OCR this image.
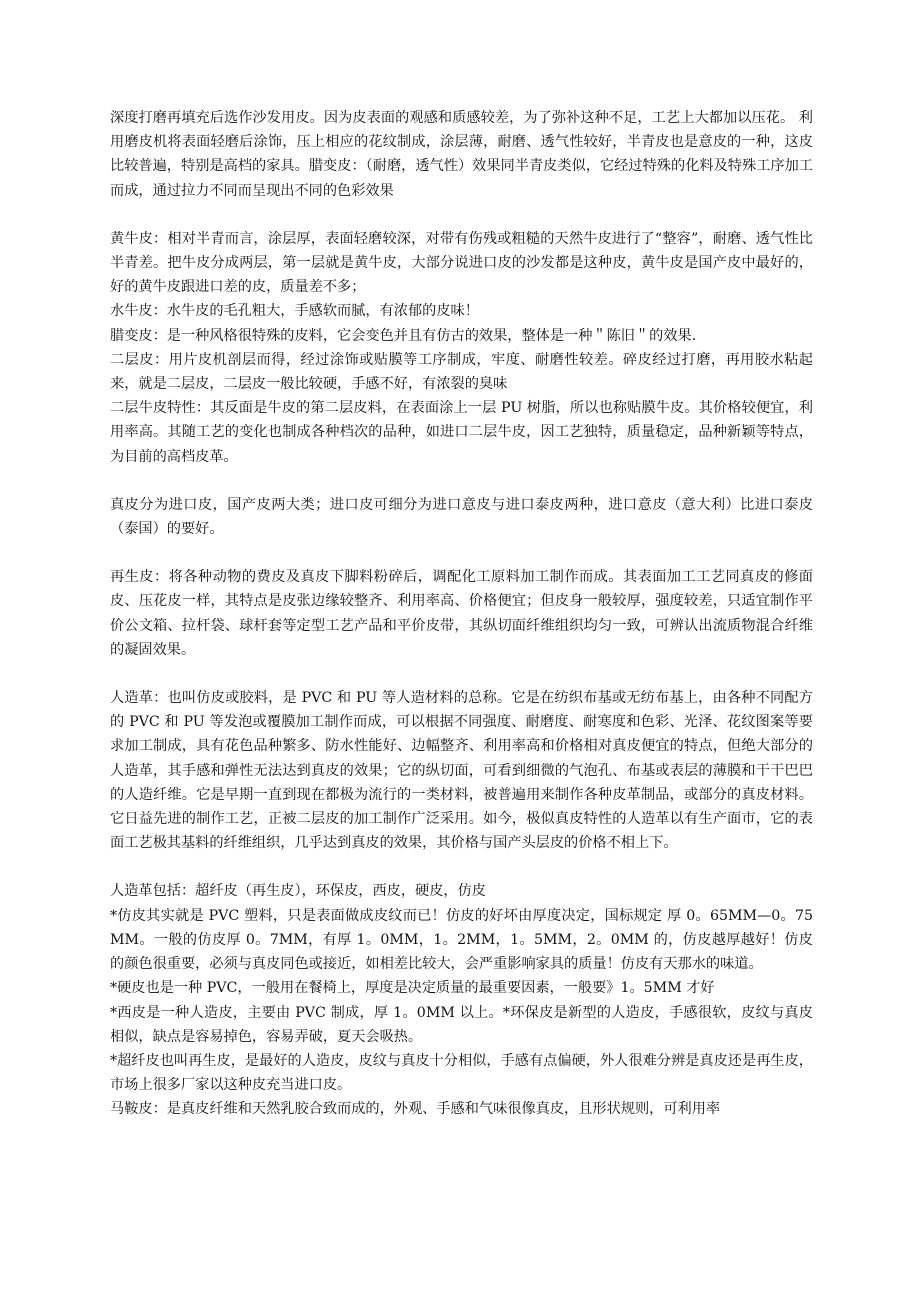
深度打磨再填充后选作沙发用皮。因为皮表面的观感和质感较差，为了弥补这种不足，工艺上大都加以压花。 利用磨皮机将表面轻磨后涂饰，压上相应的花纹制成，涂层薄，耐磨、透气性较好，半青皮也是意皮的一种，这皮比较普遍，特别是高档的家具。腊变皮：（耐磨，透气性）效果同半青皮类似，它经过特殊的化料及特殊工序加工而成，通过拉力不同而呈现出不同的色彩效果

黄牛皮：相对半青而言，涂层厚，表面轻磨较深，对带有伤残或粗糙的天然牛皮进行了“整容”，耐磨、透气性比半青差。把牛皮分成两层，第一层就是黄牛皮，大部分说进口皮的沙发都是这种皮，黄牛皮是国产皮中最好的，好的黄牛皮跟进口差的皮，质量差不多；

水牛皮：水牛皮的毛孔粗大，手感软而腻，有浓郁的皮味！

腊变皮：是一种风格很特殊的皮料，它会变色并且有仿古的效果，整体是一种＂陈旧＂的效果.

二层皮：用片皮机剖层而得，经过涂饰或贴膜等工序制成，牢度、耐磨性较差。碎皮经过打磨，再用胶水粘起来，就是二层皮，二层皮一般比较硬，手感不好，有浓裂的臭味

二层牛皮特性：其反面是牛皮的第二层皮料，在表面涂上一层 PU 树脂，所以也称贴膜牛皮。其价格较便宜，利用率高。其随工艺的变化也制成各种档次的品种，如进口二层牛皮，因工艺独特，质量稳定，品种新颖等特点，为目前的高档皮革。

真皮分为进口皮，国产皮两大类；进口皮可细分为进口意皮与进口泰皮两种，进口意皮（意大利）比进口泰皮（泰国）的要好。

再生皮：将各种动物的费皮及真皮下脚料粉碎后，调配化工原料加工制作而成。其表面加工工艺同真皮的修面皮、压花皮一样，其特点是皮张边缘较整齐、利用率高、价格便宜；但皮身一般较厚，强度较差，只适宜制作平价公文箱、拉杆袋、球杆套等定型工艺产品和平价皮带，其纵切面纤维组织均匀一致，可辨认出流质物混合纤维的凝固效果。

人造革：也叫仿皮或胶料，是 PVC 和 PU 等人造材料的总称。它是在纺织布基或无纺布基上，由各种不同配方的 PVC 和 PU 等发泡或覆膜加工制作而成，可以根据不同强度、耐磨度、耐寒度和色彩、光泽、花纹图案等要求加工制成，具有花色品种繁多、防水性能好、边幅整齐、利用率高和价格相对真皮便宜的特点，但绝大部分的人造革，其手感和弹性无法达到真皮的效果；它的纵切面，可看到细微的气泡孔、布基或表层的薄膜和干干巴巴的人造纤维。它是早期一直到现在都极为流行的一类材料，被普遍用来制作各种皮革制品，或部分的真皮材料。它日益先进的制作工艺，正被二层皮的加工制作广泛采用。如今，极似真皮特性的人造革以有生产面市，它的表面工艺极其基料的纤维组织，几乎达到真皮的效果，其价格与国产头层皮的价格不相上下。

人造革包括：超纤皮（再生皮），环保皮，西皮，硬皮，仿皮

*仿皮其实就是 PVC 塑料，只是表面做成皮纹而已！仿皮的好坏由厚度决定，国标规定 厚 0。65MM—0。75MM。一般的仿皮厚 0。7MM，有厚 1。0MM，1。2MM，1。5MM，2。0MM 的，仿皮越厚越好！仿皮的颜色很重要，必须与真皮同色或接近，如相差比较大，会严重影响家具的质量！仿皮有天那水的味道。

*硬皮也是一种 PVC，一般用在餐椅上，厚度是决定质量的最重要因素，一般要》1。5MM 才好

*西皮是一种人造皮，主要由 PVC 制成，厚 1。0MM 以上。*环保皮是新型的人造皮，手感很软，皮纹与真皮相似，缺点是容易掉色，容易弄破，夏天会吸热。

*超纤皮也叫再生皮，是最好的人造皮，皮纹与真皮十分相似，手感有点偏硬，外人很难分辨是真皮还是再生皮，市场上很多厂家以这种皮充当进口皮。

马鞍皮：是真皮纤维和天然乳胶合致而成的，外观、手感和气味很像真皮，且形状规则，可利用率
